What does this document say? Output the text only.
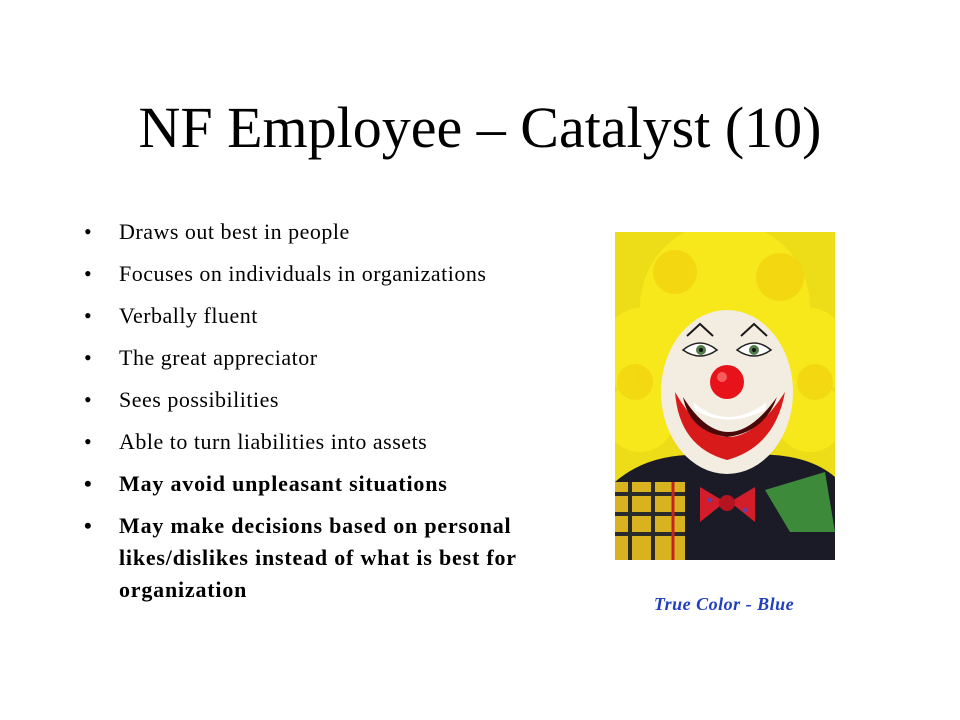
NF Employee – Catalyst (10)
• Draws out best in people
• Focuses on individuals in organizations
• Verbally fluent
• The great appreciator
• Sees possibilities
• Able to turn liabilities into assets
• May avoid unpleasant situations
• May make decisions based on personal likes/dislikes instead of what is best for organization
True Color - Blue
